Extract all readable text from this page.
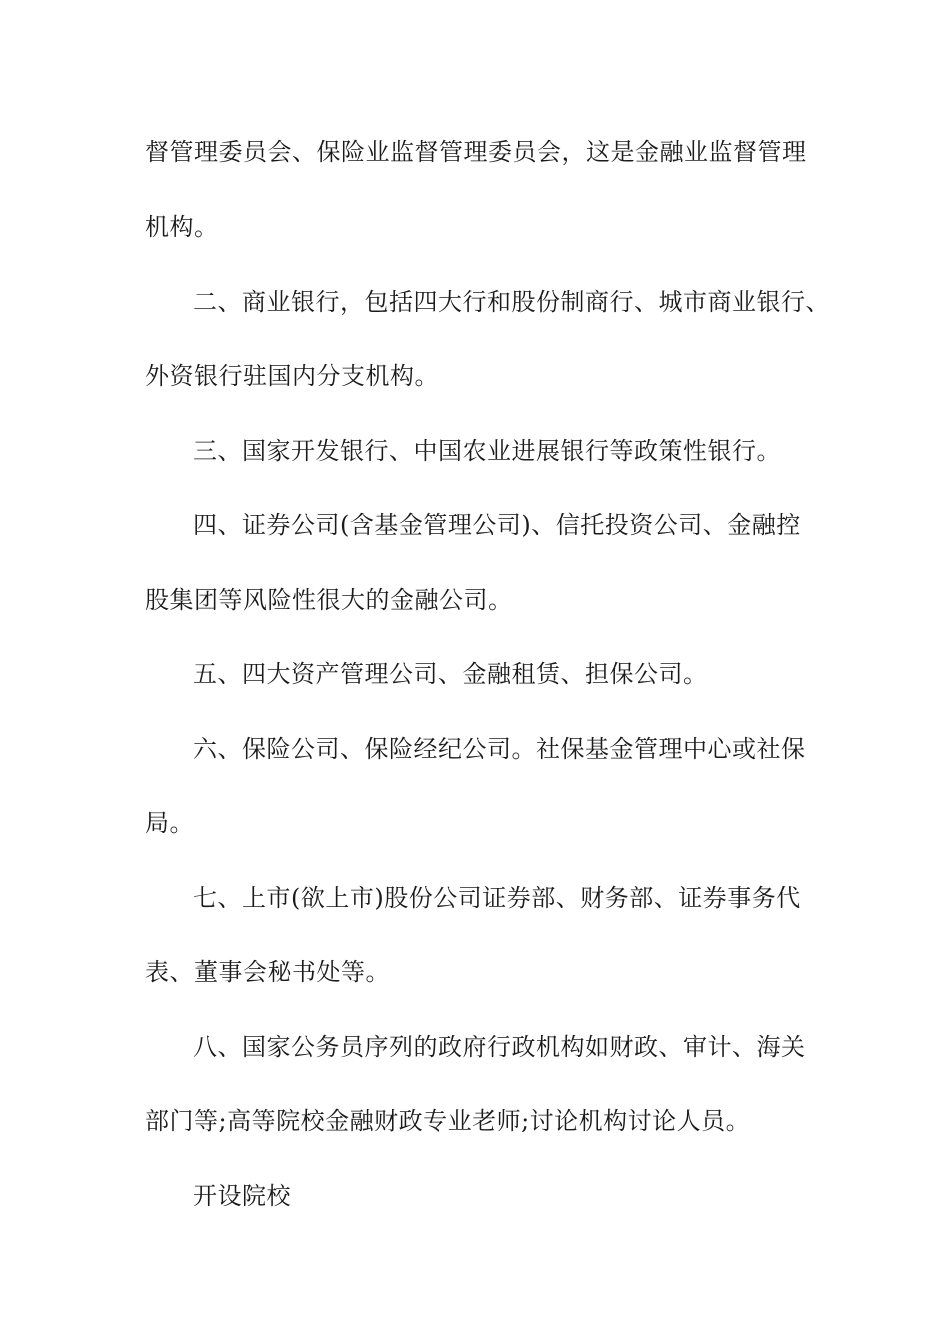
督管理委员会、保险业监督管理委员会，这是金融业监督管理
机构。
二、商业银行，包括四大行和股份制商行、城市商业银行、
外资银行驻国内分支机构。
三、国家开发银行、中国农业进展银行等政策性银行。
四、证券公司(含基金管理公司)、信托投资公司、金融控
股集团等风险性很大的金融公司。
五、四大资产管理公司、金融租赁、担保公司。
六、保险公司、保险经纪公司。社保基金管理中心或社保
局。
七、上市(欲上市)股份公司证券部、财务部、证券事务代
表、董事会秘书处等。
八、国家公务员序列的政府行政机构如财政、审计、海关
部门等;高等院校金融财政专业老师;讨论机构讨论人员。
开设院校
